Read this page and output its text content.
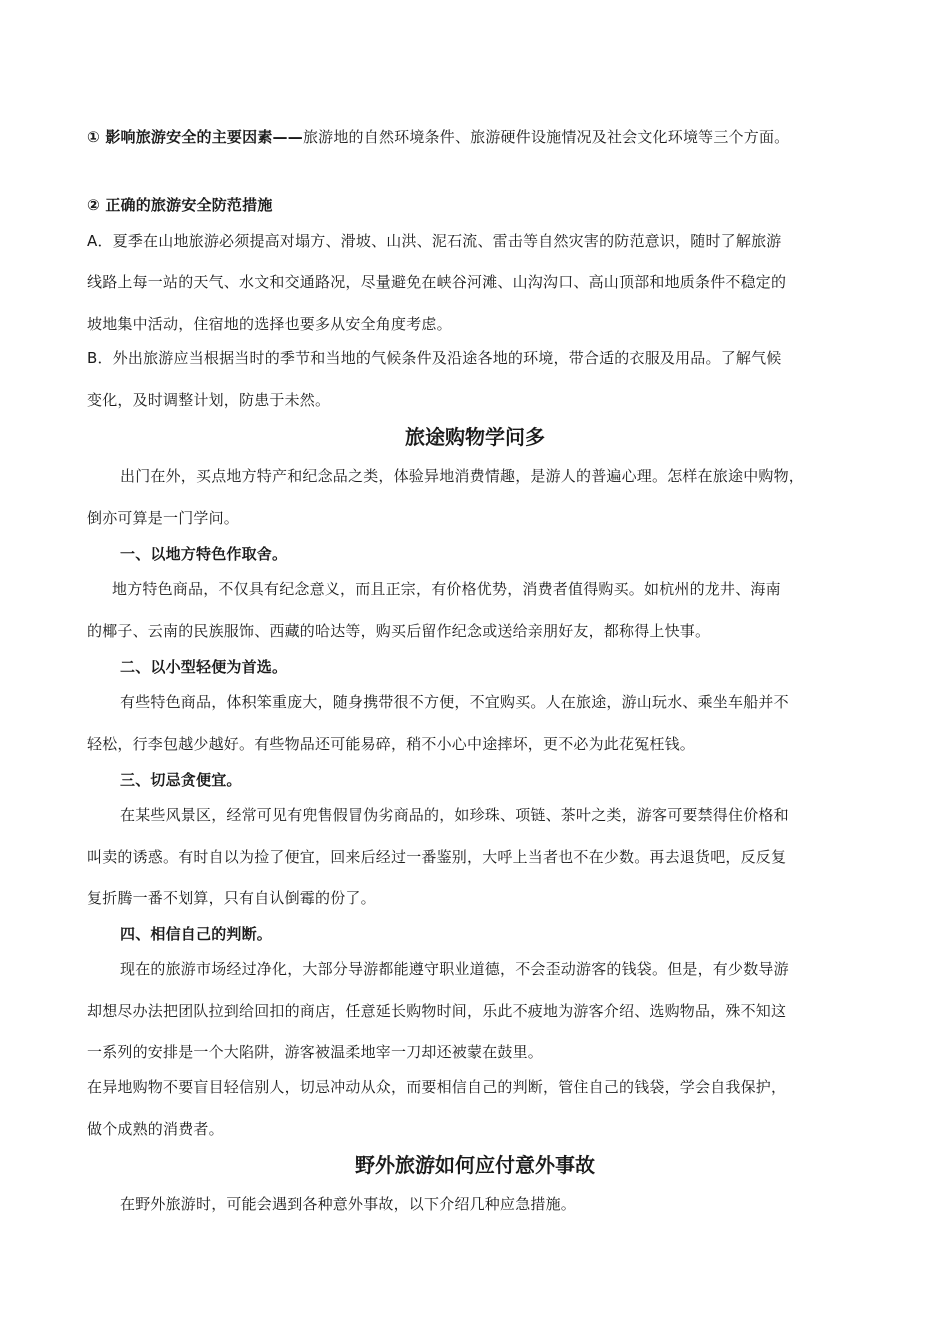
① 影响旅游安全的主要因素——旅游地的自然环境条件、旅游硬件设施情况及社会文化环境等三个方面。
② 正确的旅游安全防范措施
A．夏季在山地旅游必须提高对塌方、滑坡、山洪、泥石流、雷击等自然灾害的防范意识，随时了解旅游
线路上每一站的天气、水文和交通路况，尽量避免在峡谷河滩、山沟沟口、高山顶部和地质条件不稳定的
坡地集中活动，住宿地的选择也要多从安全角度考虑。
B．外出旅游应当根据当时的季节和当地的气候条件及沿途各地的环境，带合适的衣服及用品。了解气候
变化，及时调整计划，防患于未然。
旅途购物学问多
出门在外，买点地方特产和纪念品之类，体验异地消费情趣，是游人的普遍心理。怎样在旅途中购物，
倒亦可算是一门学问。
一、以地方特色作取舍。
地方特色商品，不仅具有纪念意义，而且正宗，有价格优势，消费者值得购买。如杭州的龙井、海南
的椰子、云南的民族服饰、西藏的哈达等，购买后留作纪念或送给亲朋好友，都称得上快事。
二、以小型轻便为首选。
有些特色商品，体积笨重庞大，随身携带很不方便，不宜购买。人在旅途，游山玩水、乘坐车船并不
轻松，行李包越少越好。有些物品还可能易碎，稍不小心中途摔坏，更不必为此花冤枉钱。
三、切忌贪便宜。
在某些风景区，经常可见有兜售假冒伪劣商品的，如珍珠、项链、茶叶之类，游客可要禁得住价格和
叫卖的诱惑。有时自以为捡了便宜，回来后经过一番鉴别，大呼上当者也不在少数。再去退货吧，反反复
复折腾一番不划算，只有自认倒霉的份了。
四、相信自己的判断。
现在的旅游市场经过净化，大部分导游都能遵守职业道德，不会歪动游客的钱袋。但是，有少数导游
却想尽办法把团队拉到给回扣的商店，任意延长购物时间，乐此不疲地为游客介绍、选购物品，殊不知这
一系列的安排是一个大陷阱，游客被温柔地宰一刀却还被蒙在鼓里。
在异地购物不要盲目轻信别人，切忌冲动从众，而要相信自己的判断，管住自己的钱袋，学会自我保护，
做个成熟的消费者。
野外旅游如何应付意外事故
在野外旅游时，可能会遇到各种意外事故，以下介绍几种应急措施。
